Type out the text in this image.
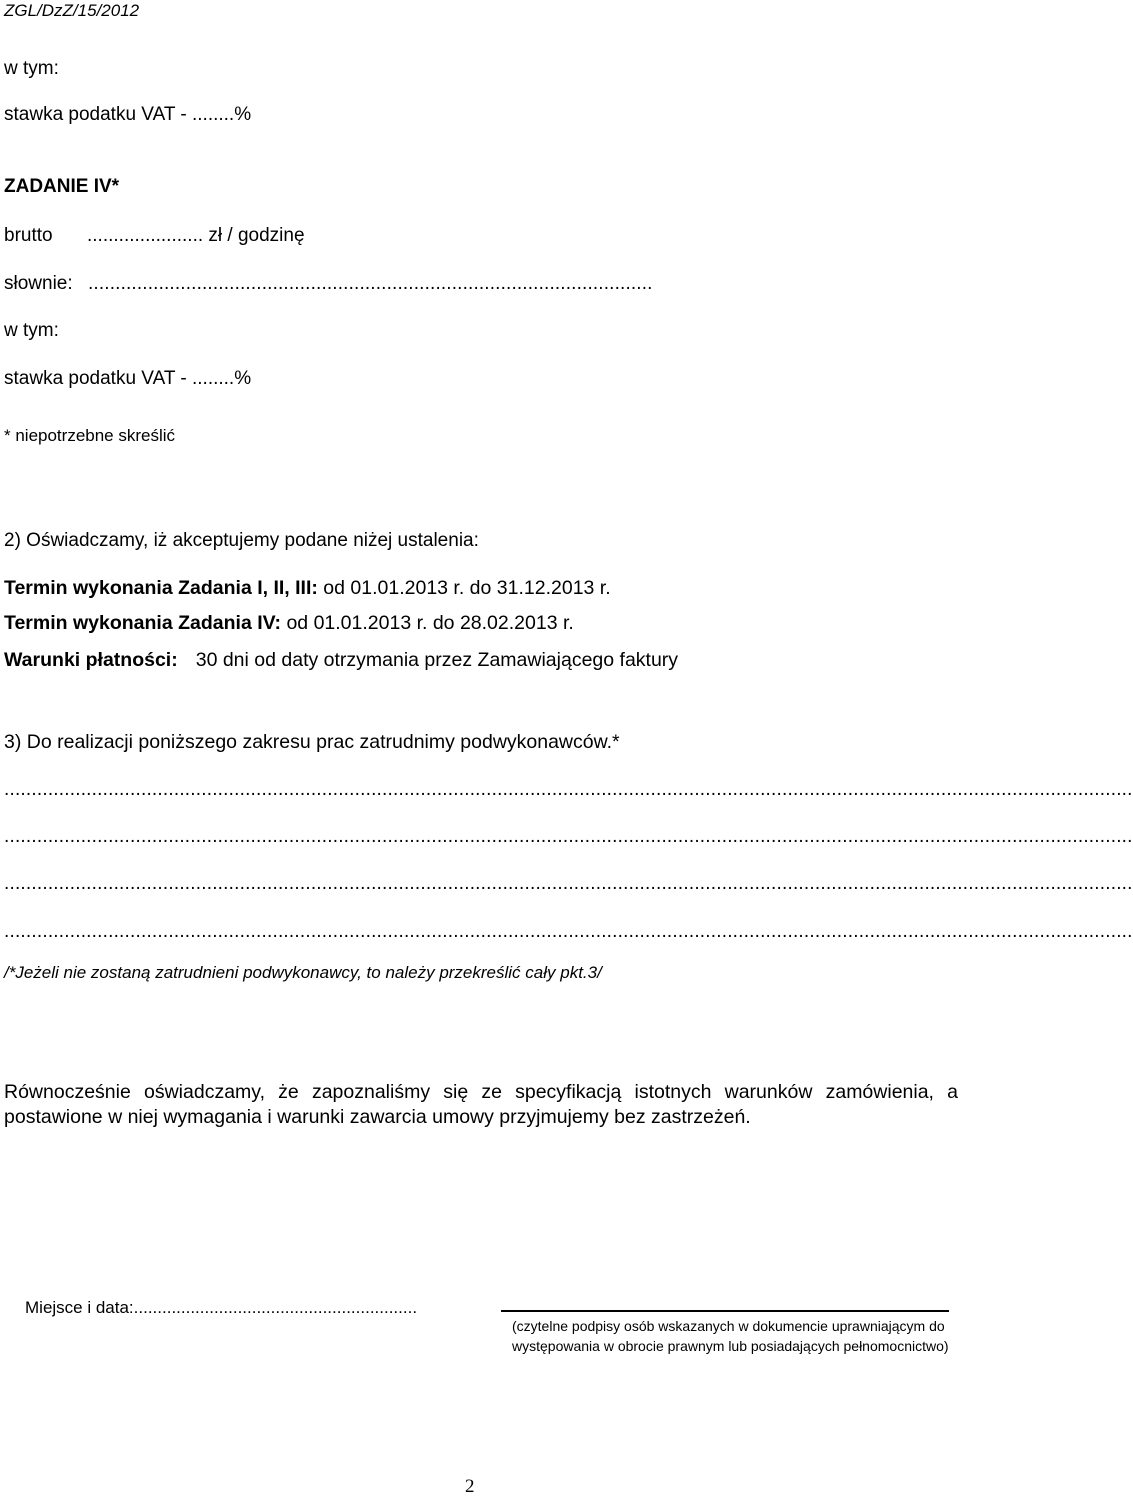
ZGL/DzZ/15/2012
w tym:
stawka podatku VAT - ........%
ZADANIE IV*
brutto ...................... zł / godzinę
słownie: ........................................................................................................
w tym:
stawka podatku VAT - ........%
* niepotrzebne skreślić
2) Oświadczamy, iż akceptujemy podane niżej ustalenia:
Termin wykonania Zadania I, II, III: od 01.01.2013 r. do 31.12.2013 r.
Termin wykonania Zadania IV: od 01.01.2013 r. do 28.02.2013 r.
Warunki płatności: 30 dni od daty otrzymania przez Zamawiającego faktury
3) Do realizacji poniższego zakresu prac zatrudnimy podwykonawców.*
..............................................................................................................................................................................................................
..............................................................................................................................................................................................................
..............................................................................................................................................................................................................
..............................................................................................................................................................................................................
/*Jeżeli nie zostaną zatrudnieni podwykonawcy, to należy przekreślić cały pkt.3/
Równocześnie oświadczamy, że zapoznaliśmy się ze specyfikacją istotnych warunków zamówienia, a postawione w niej wymagania i warunki zawarcia umowy przyjmujemy bez zastrzeżeń.
Miejsce i data:............................................................
(czytelne podpisy osób wskazanych w dokumencie uprawniającym do
występowania w obrocie prawnym lub posiadających pełnomocnictwo)
2
